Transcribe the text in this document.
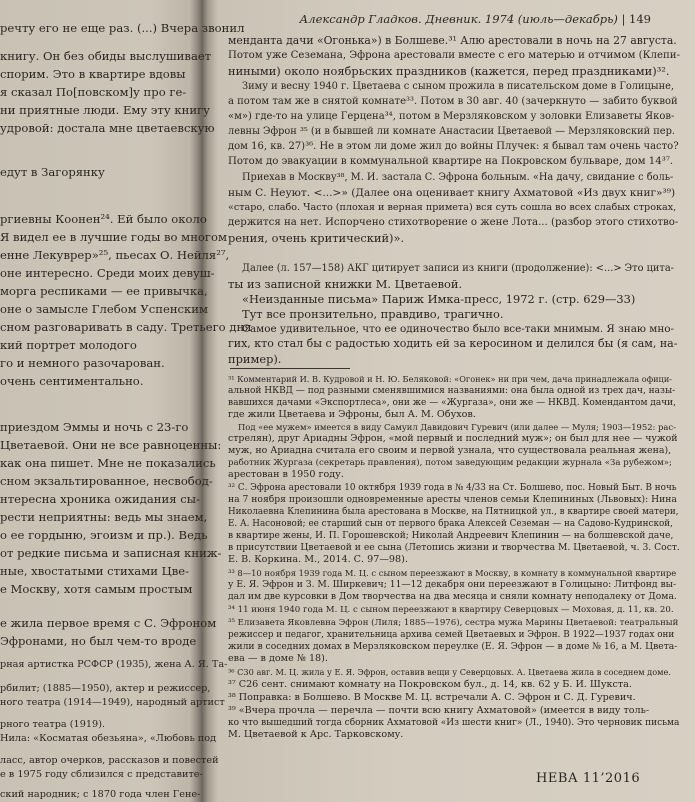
речту его не еще раз. (...) Вчера звонил
книгу. Он без обиды выслушивает
спорим. Это в квартире вдовы
я сказал По[повском]у про ге-
ни приятные люди. Ему эту книгу
удровой: достала мне цветаевскую
едут в Загорянку
ргиевны Коонен²⁴. Ей было около
Я видел ее в лучшие годы во многом
енне Лекуврер»²⁵, пьесах О. Нейля²⁷,
оне интересно. Среди моих девуш-
морга респиками — ее привычка,
оне о замысле Глебом Успенским
сном разговаривать в саду. Третьего дня
кий портрет молодого
го и немного разочарован.
очень сентиментально.
приездом Эммы и ночь с 23-го
Цветаевой. Они не все равноценны:
как она пишет. Мне не показались
сном экзальтированное, несвобод-
нтересна хроника ожидания сы-
рести неприятны: ведь мы знаем,
о ее гордыню, эгоизм и пр.). Ведь
от редкие письма и записная книж-
ные, хвостатыми стихами Цве-
е Москву, хотя самым простым
е жила первое время с С. Эфроном
Эфронами, но был чем-то вроде
рная артистка РСФСР (1935), жена А. Я. Та-
рбилит; (1885—1950), актер и режиссер,
ного театра (1914—1949), народный артист
рного театра (1919).
Нила: «Косматая обезьяна», «Любовь под
ласс, автор очерков, рассказов и повестей
е в 1975 году сблизился с представите-
ский народник; с 1870 года член Гене-
Александр Гладков. Дневник. 1974 (июль—декабрь) | 149
мендантa дачи «Огонька») в Болшеве.³¹ Алю арестовали в ночь на 27 августа.
Потом уже Сеземана, Эфрона арестовали вместе с его матерью и отчимом (Клепи-
ниными) около ноябрьских праздников (кажется, перед праздниками)³².
Зиму и весну 1940 г. Цветаева с сыном прожила в писательском доме в Голицыне,
а потом там же в снятой комнате³³. Потом в 30 авг. 40 (зачеркнуто — забито буквой
«м») где-то на улице Герцена³⁴, потом в Мерзляковском у золовки Елизаветы Яков-
левны Эфрон ³⁵ (и в бывшей ли комнате Анастасии Цветаевой — Мерзляковский пер.
дом 16, кв. 27)³⁶. Не в этом ли доме жил до войны Плучек: я бывал там очень часто?
Потом до эвакуации в коммунальной квартире на Покровском бульваре, дом 14³⁷.
Приехав в Москву³⁸, М. И. застала С. Эфрона больным. «На дачу, свидание с боль-
ным С. Неуют. <...>» (Далее она оценивает книгу Ахматовой «Из двух книг»³⁹)
«старо, слабо. Часто (плохая и верная примета) вся суть сошла во всех слабых строках,
держится на нет. Испорчено стихотворение о жене Лота... (разбор этого стихотво-
рения, очень критический)».
Далее (л. 157—158) АКГ цитирует записи из книги (продолжение): <...> Это цита-
ты из записной книжки М. Цветаевой.
«Неизданные письма» Париж Имка-пресс, 1972 г. (стр. 629—33)
Тут все пронзительно, правдиво, трагично.
Самое удивительное, что ее одиночество было все-таки мнимым. Я знаю мно-
гих, кто стал бы с радостью ходить ей за керосином и делился бы (я сам, на-
пример).
³¹ Комментарий И. В. Кудровой и Н. Ю. Беляковой: «Огонек» ни при чем, дача принадлежала офици-
альной НКВД — под разными сменявшимися названиями: она была одной из трех дач, назы-
вавшихся дачами «Экспортлеса», они же — «Жургаза», они же — НКВД. Комендантом дачи,
где жили Цветаева и Эфроны, был А. М. Обухов.
Под «ее мужем» имеется в виду Самуил Давидович Гуревич (или далее — Муля; 1903—1952: рас-
стрелян), друг Ариадны Эфрон, «мой первый и последний муж»; он был для нее — чужой
муж, но Ариадна считала его своим и первой узнала, что существовала реальная жена),
работник Жургаза (секретарь правления), потом заведующим редакции журнала «За рубежом»;
арестован в 1950 году.
³² С. Эфрона арестовали 10 октября 1939 года в № 4/33 на Ст. Болшево, пос. Новый Быт. В ночь
на 7 ноября произошли одновременные аресты членов семьи Клепининых (Львовых): Нина
Николаевна Клепинина была арестована в Москве, на Пятницкой ул., в квартире своей матери,
Е. А. Насоновой; ее старший сын от первого брака Алексей Сеземан — на Садово-Кудринской,
в квартире жены, И. П. Горошевской; Николай Андреевич Клепинин — на болшевской даче,
в присутствии Цветаевой и ее сына (Летопись жизни и творчества М. Цветаевой, ч. 3. Сост.
Е. В. Коркина. М., 2014. С. 97—98).
³³ 8—10 ноября 1939 года М. Ц. с сыном переезжают в Москву, в комнату в коммунальной квартире
у Е. Я. Эфрон и З. М. Ширкевич; 11—12 декабря они переезжают в Голицыно: Литфонд вы-
дал им две курсовки в Дом творчества на два месяца и сняли комнату неподалеку от Дома.
³⁴ 11 июня 1940 года М. Ц. с сыном переезжают в квартиру Северцовых — Моховая, д. 11, кв. 20.
³⁵ Елизавета Яковлевна Эфрон (Лиля; 1885—1976), сестра мужа Марины Цветаевой: театральный
режиссер и педагог, хранительница архива семей Цветаевых и Эфрон. В 1922—1937 годах они
жили в соседних домах в Мерзляковском переулке (Е. Я. Эфрон — в доме № 16, а М. Цвета-
ева — в доме № 18).
³⁶ С30 авг. М. Ц. жила у Е. Я. Эфрон, оставив вещи у Северцовых. А. Цветаева жила в соседнем доме.
³⁷ С26 сент. снимают комнату на Покровском бул., д. 14, кв. 62 у Б. И. Шукста.
³⁸ Поправка: в Болшево. В Москве М. Ц. встречали А. С. Эфрон и С. Д. Гуревич.
³⁹ «Вчера прочла — перечла — почти всю книгу Ахматовой» (имеется в виду толь-
ко что вышедший тогда сборник Ахматовой «Из шести книг» (Л., 1940). Это черновик письма
М. Цветаевой к Арс. Тарковскому.
НЕВА 11’2016
